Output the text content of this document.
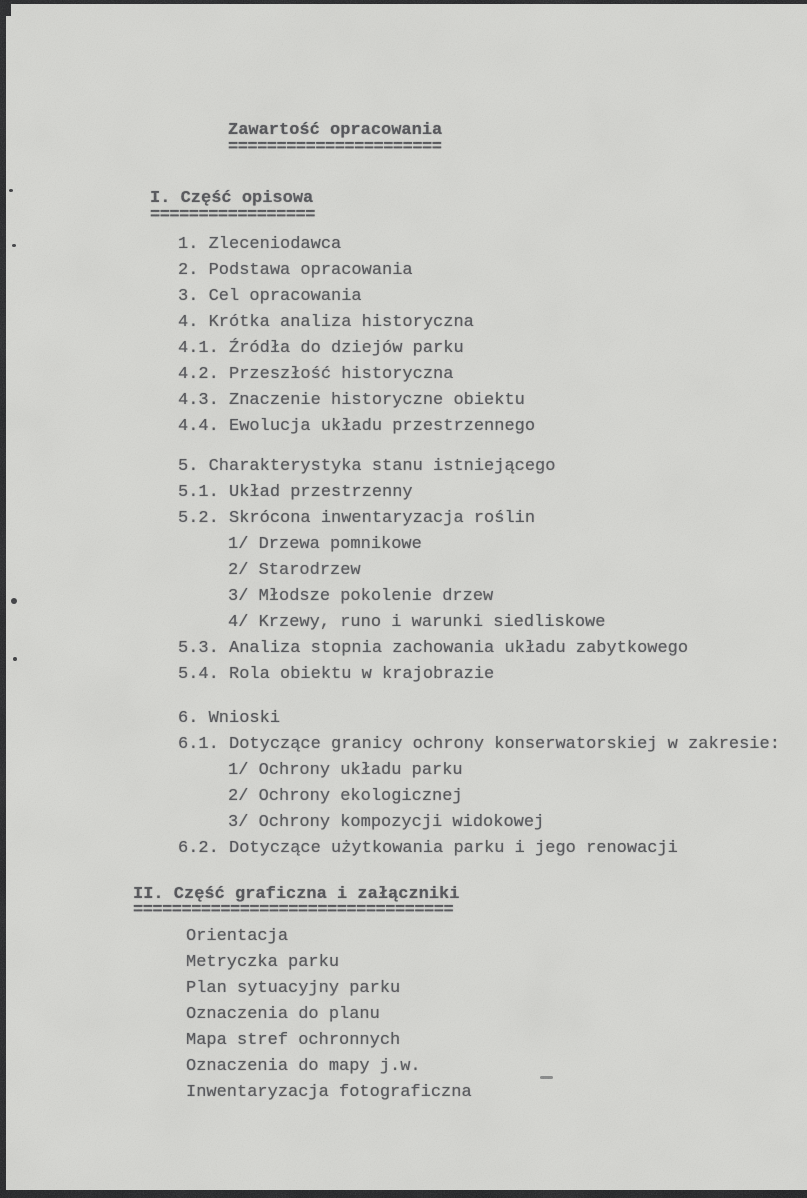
Zawartość opracowania
======================
I. Część opisowa
=================
1. Zleceniodawca
2. Podstawa opracowania
3. Cel opracowania
4. Krótka analiza historyczna
4.1. Źródła do dziejów parku
4.2. Przeszłość historyczna
4.3. Znaczenie historyczne obiektu
4.4. Ewolucja układu przestrzennego
5. Charakterystyka stanu istniejącego
5.1. Układ przestrzenny
5.2. Skrócona inwentaryzacja roślin
1/ Drzewa pomnikowe
2/ Starodrzew
3/ Młodsze pokolenie drzew
4/ Krzewy, runo i warunki siedliskowe
5.3. Analiza stopnia zachowania układu zabytkowego
5.4. Rola obiektu w krajobrazie
6. Wnioski
6.1. Dotyczące granicy ochrony konserwatorskiej w zakresie:
1/ Ochrony układu parku
2/ Ochrony ekologicznej
3/ Ochrony kompozycji widokowej
6.2. Dotyczące użytkowania parku i jego renowacji
II. Część graficzna i załączniki
=================================
Orientacja
Metryczka parku
Plan sytuacyjny parku
Oznaczenia do planu
Mapa stref ochronnych
Oznaczenia do mapy j.w.
Inwentaryzacja fotograficzna
